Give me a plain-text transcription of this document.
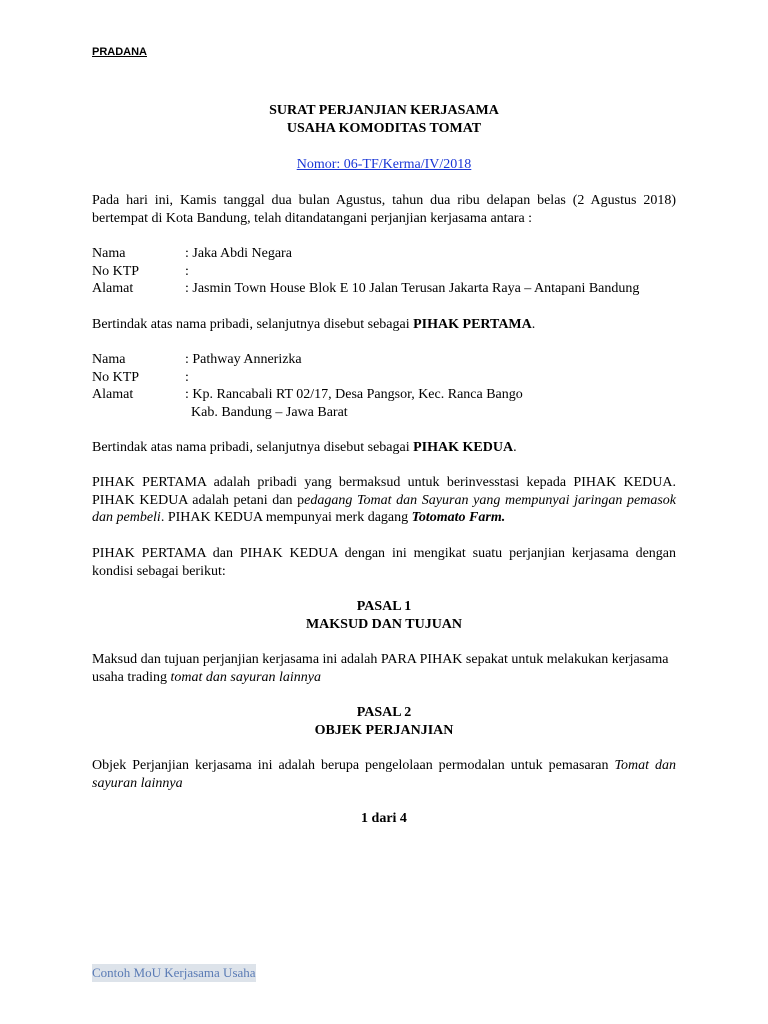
PRADANA
SURAT PERJANJIAN KERJASAMA
USAHA KOMODITAS TOMAT
Nomor: 06-TF/Kerma/IV/2018

Pada hari ini, Kamis tanggal dua bulan Agustus, tahun dua ribu delapan belas (2 Agustus 2018) bertempat di Kota Bandung, telah ditandatangani perjanjian kerjasama antara :

Nama	: Jaka Abdi Negara
No KTP	:
Alamat	: Jasmin Town House Blok E 10 Jalan Terusan Jakarta Raya – Antapani Bandung

Bertindak atas nama pribadi, selanjutnya disebut sebagai PIHAK PERTAMA.

Nama	: Pathway Annerizka
No KTP	:
Alamat	: Kp. Rancabali RT 02/17, Desa Pangsor, Kec. Ranca Bango
Kab. Bandung – Jawa Barat

Bertindak atas nama pribadi, selanjutnya disebut sebagai PIHAK KEDUA.

PIHAK PERTAMA adalah pribadi yang bermaksud untuk berinvesstasi kepada PIHAK KEDUA. PIHAK KEDUA adalah petani dan pedagang Tomat dan Sayuran yang mempunyai jaringan pemasok dan pembeli. PIHAK KEDUA mempunyai merk dagang Totomato Farm.

PIHAK PERTAMA dan PIHAK KEDUA dengan ini mengikat suatu perjanjian kerjasama dengan kondisi sebagai berikut:

PASAL 1
MAKSUD DAN TUJUAN

Maksud dan tujuan perjanjian kerjasama ini adalah PARA PIHAK sepakat untuk melakukan kerjasama usaha trading tomat dan sayuran lainnya

PASAL 2
OBJEK PERJANJIAN

Objek Perjanjian kerjasama ini adalah berupa pengelolaan permodalan untuk pemasaran Tomat dan sayuran lainnya

1 dari 4
Contoh MoU Kerjasama Usaha
